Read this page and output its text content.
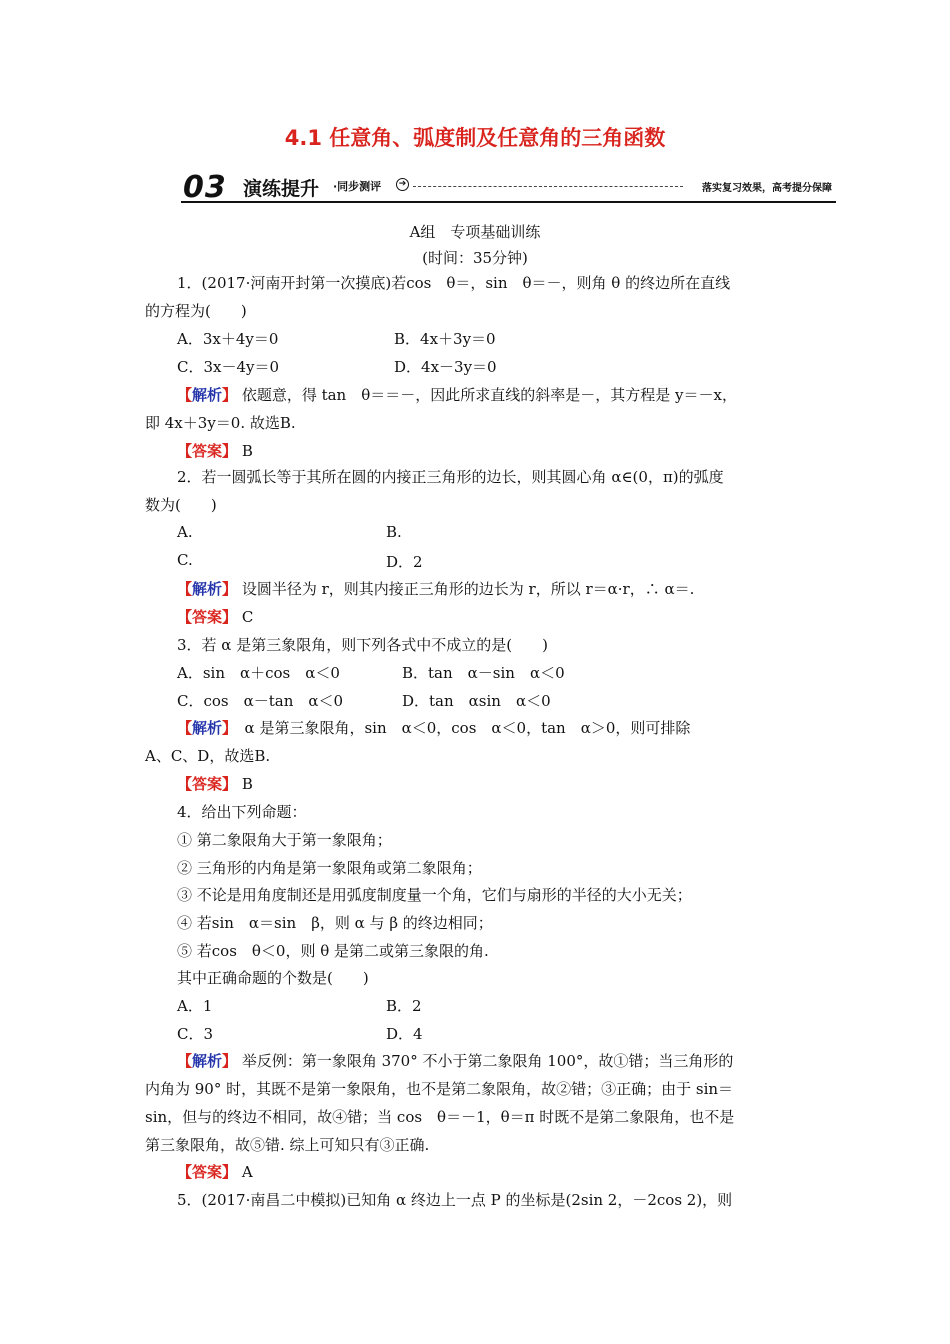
4.1 任意角、弧度制及任意角的三角函数
03 演练提升 ·同步测评	➔	落实复习效果，高考提分保障
A组　专项基础训练
(时间：35分钟)
1．(2017·河南开封第一次摸底)若cos　θ＝，sin　θ＝－，则角 θ 的终边所在直线
的方程为(　　)
A．3x＋4y＝0	B．4x＋3y＝0
C．3x－4y＝0	D．4x－3y＝0
【解析】 依题意，得 tan　θ＝＝－，因此所求直线的斜率是－，其方程是 y＝－x，
即 4x＋3y＝0. 故选B.
【答案】 B
2．若一圆弧长等于其所在圆的内接正三角形的边长，则其圆心角 α∈(0，π)的弧度
数为(　　)
A.	B.
C.	D．2
【解析】 设圆半径为 r，则其内接正三角形的边长为 r，所以 r＝α·r，∴ α＝.
【答案】 C
3．若 α 是第三象限角，则下列各式中不成立的是(　　)
A．sin　α＋cos　α＜0	B．tan　α－sin　α＜0
C．cos　α－tan　α＜0	D．tan　αsin　α＜0
【解析】　α 是第三象限角，sin　α＜0，cos　α＜0，tan　α＞0，则可排除
A、C、D，故选B.
【答案】 B
4．给出下列命题：
① 第二象限角大于第一象限角；
② 三角形的内角是第一象限角或第二象限角；
③ 不论是用角度制还是用弧度制度量一个角，它们与扇形的半径的大小无关；
④ 若sin　α＝sin　β，则 α 与 β 的终边相同；
⑤ 若cos　θ＜0，则 θ 是第二或第三象限的角.
其中正确命题的个数是(　　)
A．1	B．2
C．3	D．4
【解析】 举反例：第一象限角 370° 不小于第二象限角 100°，故①错；当三角形的
内角为 90° 时，其既不是第一象限角，也不是第二象限角，故②错；③正确；由于 sin＝
sin，但与的终边不相同，故④错；当 cos　θ＝－1，θ＝π 时既不是第二象限角，也不是
第三象限角，故⑤错. 综上可知只有③正确.
【答案】 A
5．(2017·南昌二中模拟)已知角 α 终边上一点 P 的坐标是(2sin 2，－2cos 2)，则
